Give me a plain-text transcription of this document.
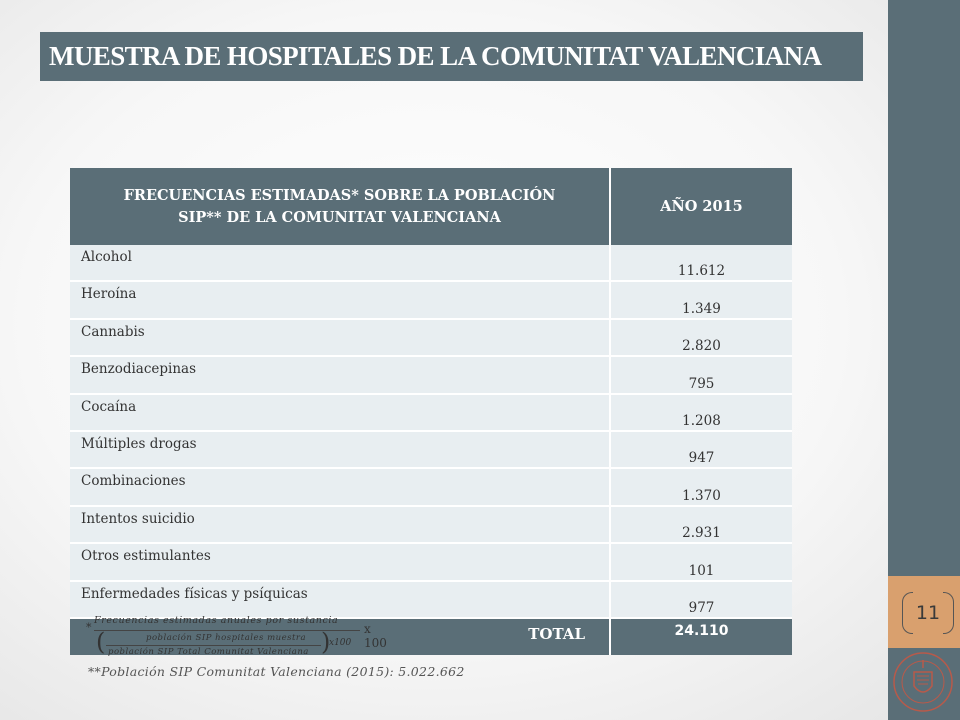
11
MUESTRA DE HOSPITALES DE LA COMUNITAT VALENCIANA
FRECUENCIAS ESTIMADAS* SOBRE LA POBLACIÓN
SIP** DE LA COMUNITAT VALENCIANA	AÑO 2015
Alcohol	11.612
Heroína	1.349
Cannabis	2.820
Benzodiacepinas	795
Cocaína	1.208
Múltiples drogas	947
Combinaciones	1.370
Intentos suicidio	2.931
Otros estimulantes	101
Enfermedades físicas y psíquicas	977
TOTAL	24.110
*
Frecuencias estimadas anuales por sustancia
(	población SIP hospitales muestra
población SIP Total Comunitat Valenciana )
x100
x 100
**Población SIP Comunitat Valenciana (2015): 5.022.662
